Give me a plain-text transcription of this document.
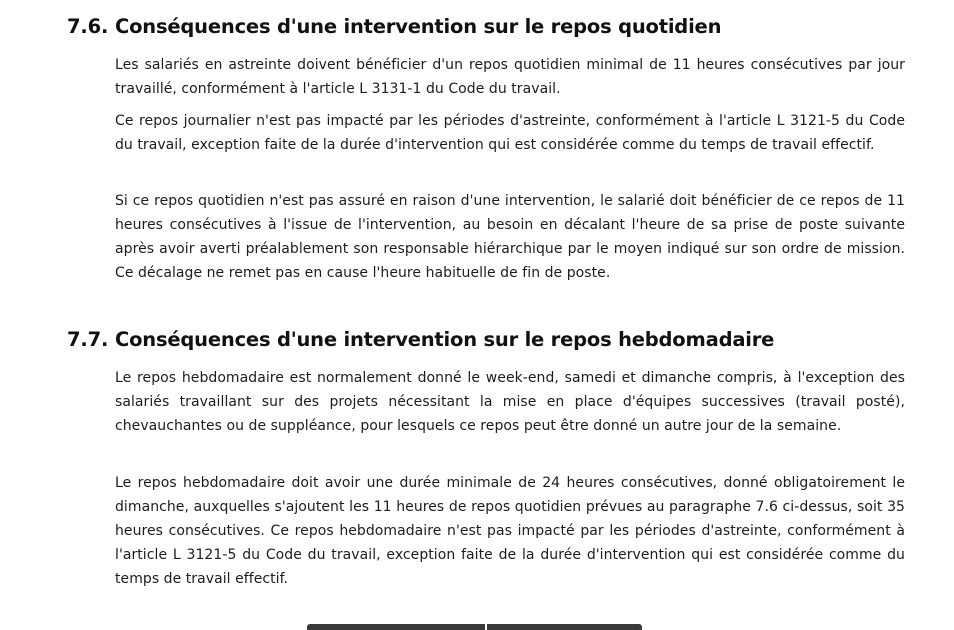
7.6. Conséquences d'une intervention sur le repos quotidien

Les salariés en astreinte doivent bénéficier d'un repos quotidien minimal de 11 heures consécutives par jour travaillé, conformément à l'article L 3131-1 du Code du travail.

Ce repos journalier n'est pas impacté par les périodes d'astreinte, conformément à l'article L 3121-5 du Code du travail, exception faite de la durée d'intervention qui est considérée comme du temps de travail effectif.

Si ce repos quotidien n'est pas assuré en raison d'une intervention, le salarié doit bénéficier de ce repos de 11 heures consécutives à l'issue de l'intervention, au besoin en décalant l'heure de sa prise de poste suivante après avoir averti préalablement son responsable hiérarchique par le moyen indiqué sur son ordre de mission. Ce décalage ne remet pas en cause l'heure habituelle de fin de poste.

7.7. Conséquences d'une intervention sur le repos hebdomadaire

Le repos hebdomadaire est normalement donné le week-end, samedi et dimanche compris, à l'exception des salariés travaillant sur des projets nécessitant la mise en place d'équipes successives (travail posté), chevauchantes ou de suppléance, pour lesquels ce repos peut être donné un autre jour de la semaine.

Le repos hebdomadaire doit avoir une durée minimale de 24 heures consécutives, donné obligatoirement le dimanche, auxquelles s'ajoutent les 11 heures de repos quotidien prévues au paragraphe 7.6 ci-dessus, soit 35 heures consécutives. Ce repos hebdomadaire n'est pas impacté par les périodes d'astreinte, conformément à l'article L 3121-5 du Code du travail, exception faite de la durée d'intervention qui est considérée comme du temps de travail effectif.
